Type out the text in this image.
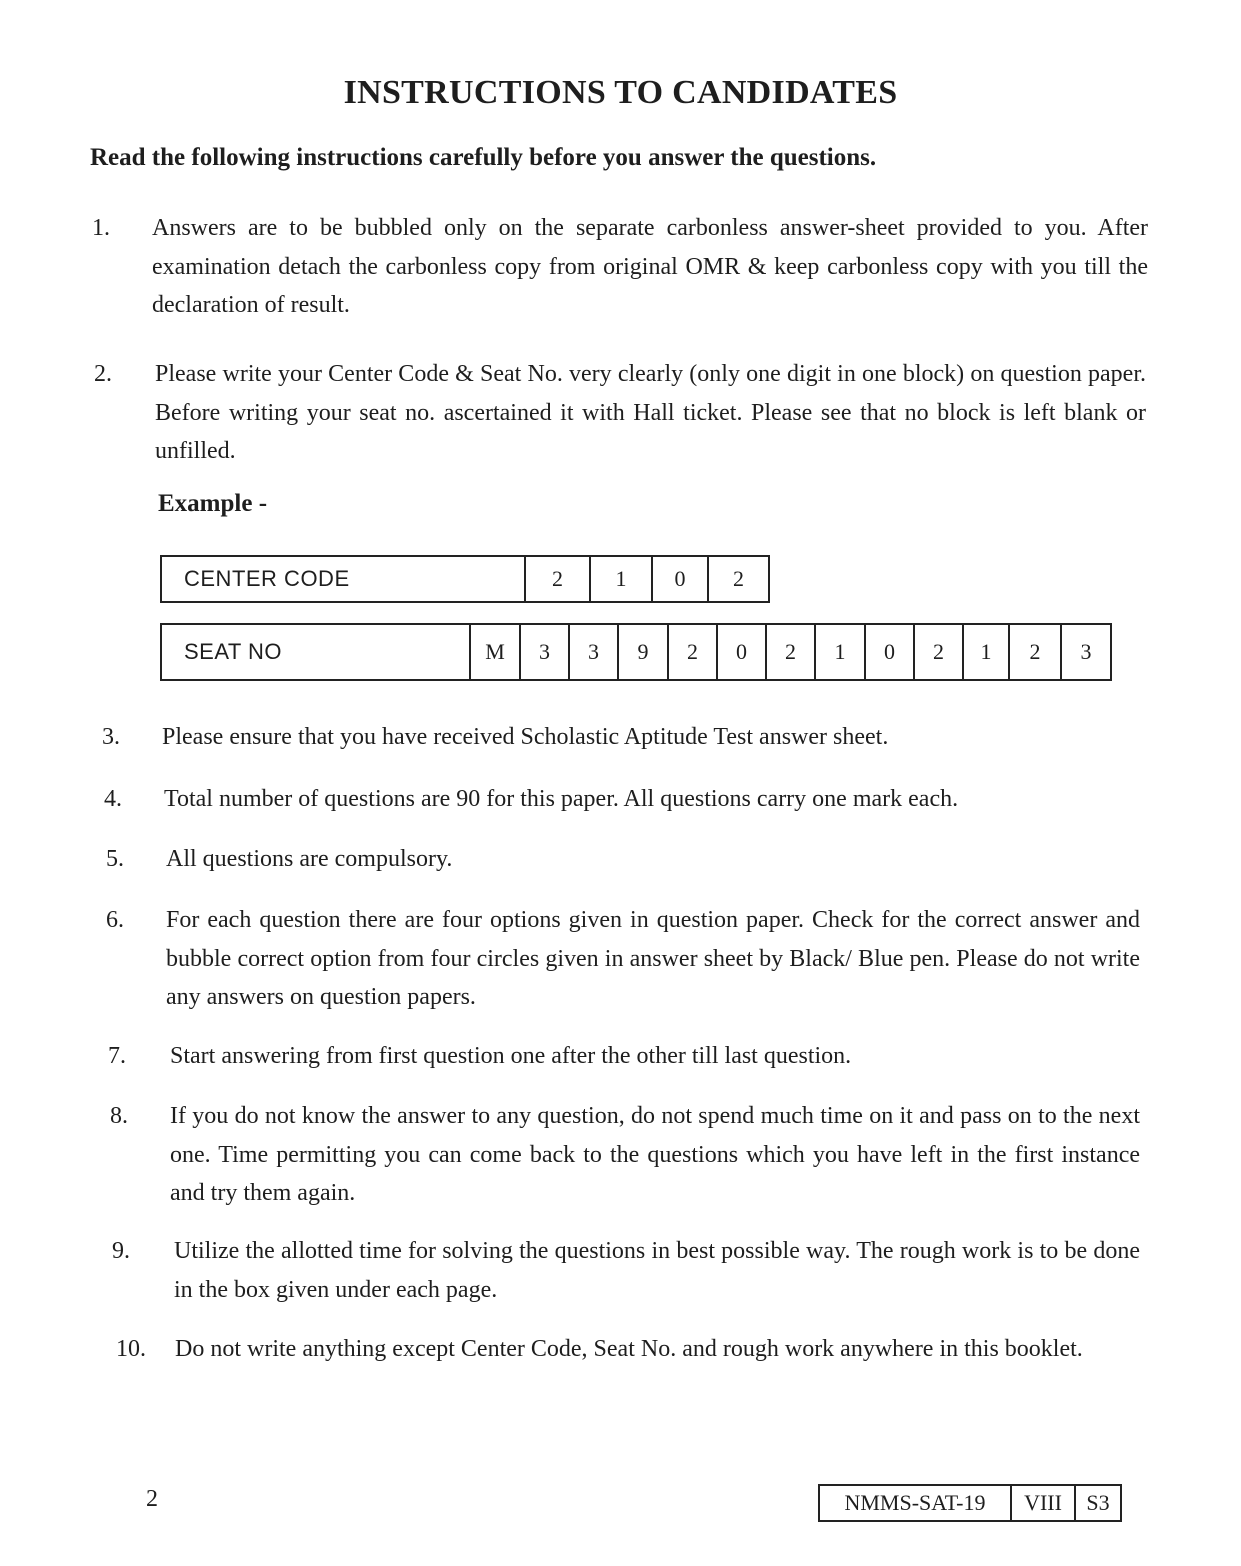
INSTRUCTIONS TO CANDIDATES
Read the following instructions carefully before you answer the questions.
1. Answers are to be bubbled only on the separate carbonless answer-sheet provided to you. After examination detach the carbonless copy from original OMR & keep carbonless copy with you till the declaration of result.
2. Please write your Center Code & Seat No. very clearly (only one digit in one block) on question paper. Before writing your seat no. ascertained it with Hall ticket. Please see that no block is left blank or unfilled.
Example -
CENTER CODE	2	1	0	2
SEAT NO	M	3	3	9	2	0	2	1	0	2	1	2	3
3. Please ensure that you have received Scholastic Aptitude Test answer sheet.
4. Total number of questions are 90 for this paper. All questions carry one mark each.
5. All questions are compulsory.
6. For each question there are four options given in question paper. Check for the correct answer and bubble correct option from four circles given in answer sheet by Black/ Blue pen. Please do not write any answers on question papers.
7. Start answering from first question one after the other till last question.
8. If you do not know the answer to any question, do not spend much time on it and pass on to the next one. Time permitting you can come back to the questions which you have left in the first instance and try them again.
9. Utilize the allotted time for solving the questions in best possible way. The rough work is to be done in the box given under each page.
10. Do not write anything except Center Code, Seat No. and rough work anywhere in this booklet.
2	NMMS-SAT-19	VIII	S3
